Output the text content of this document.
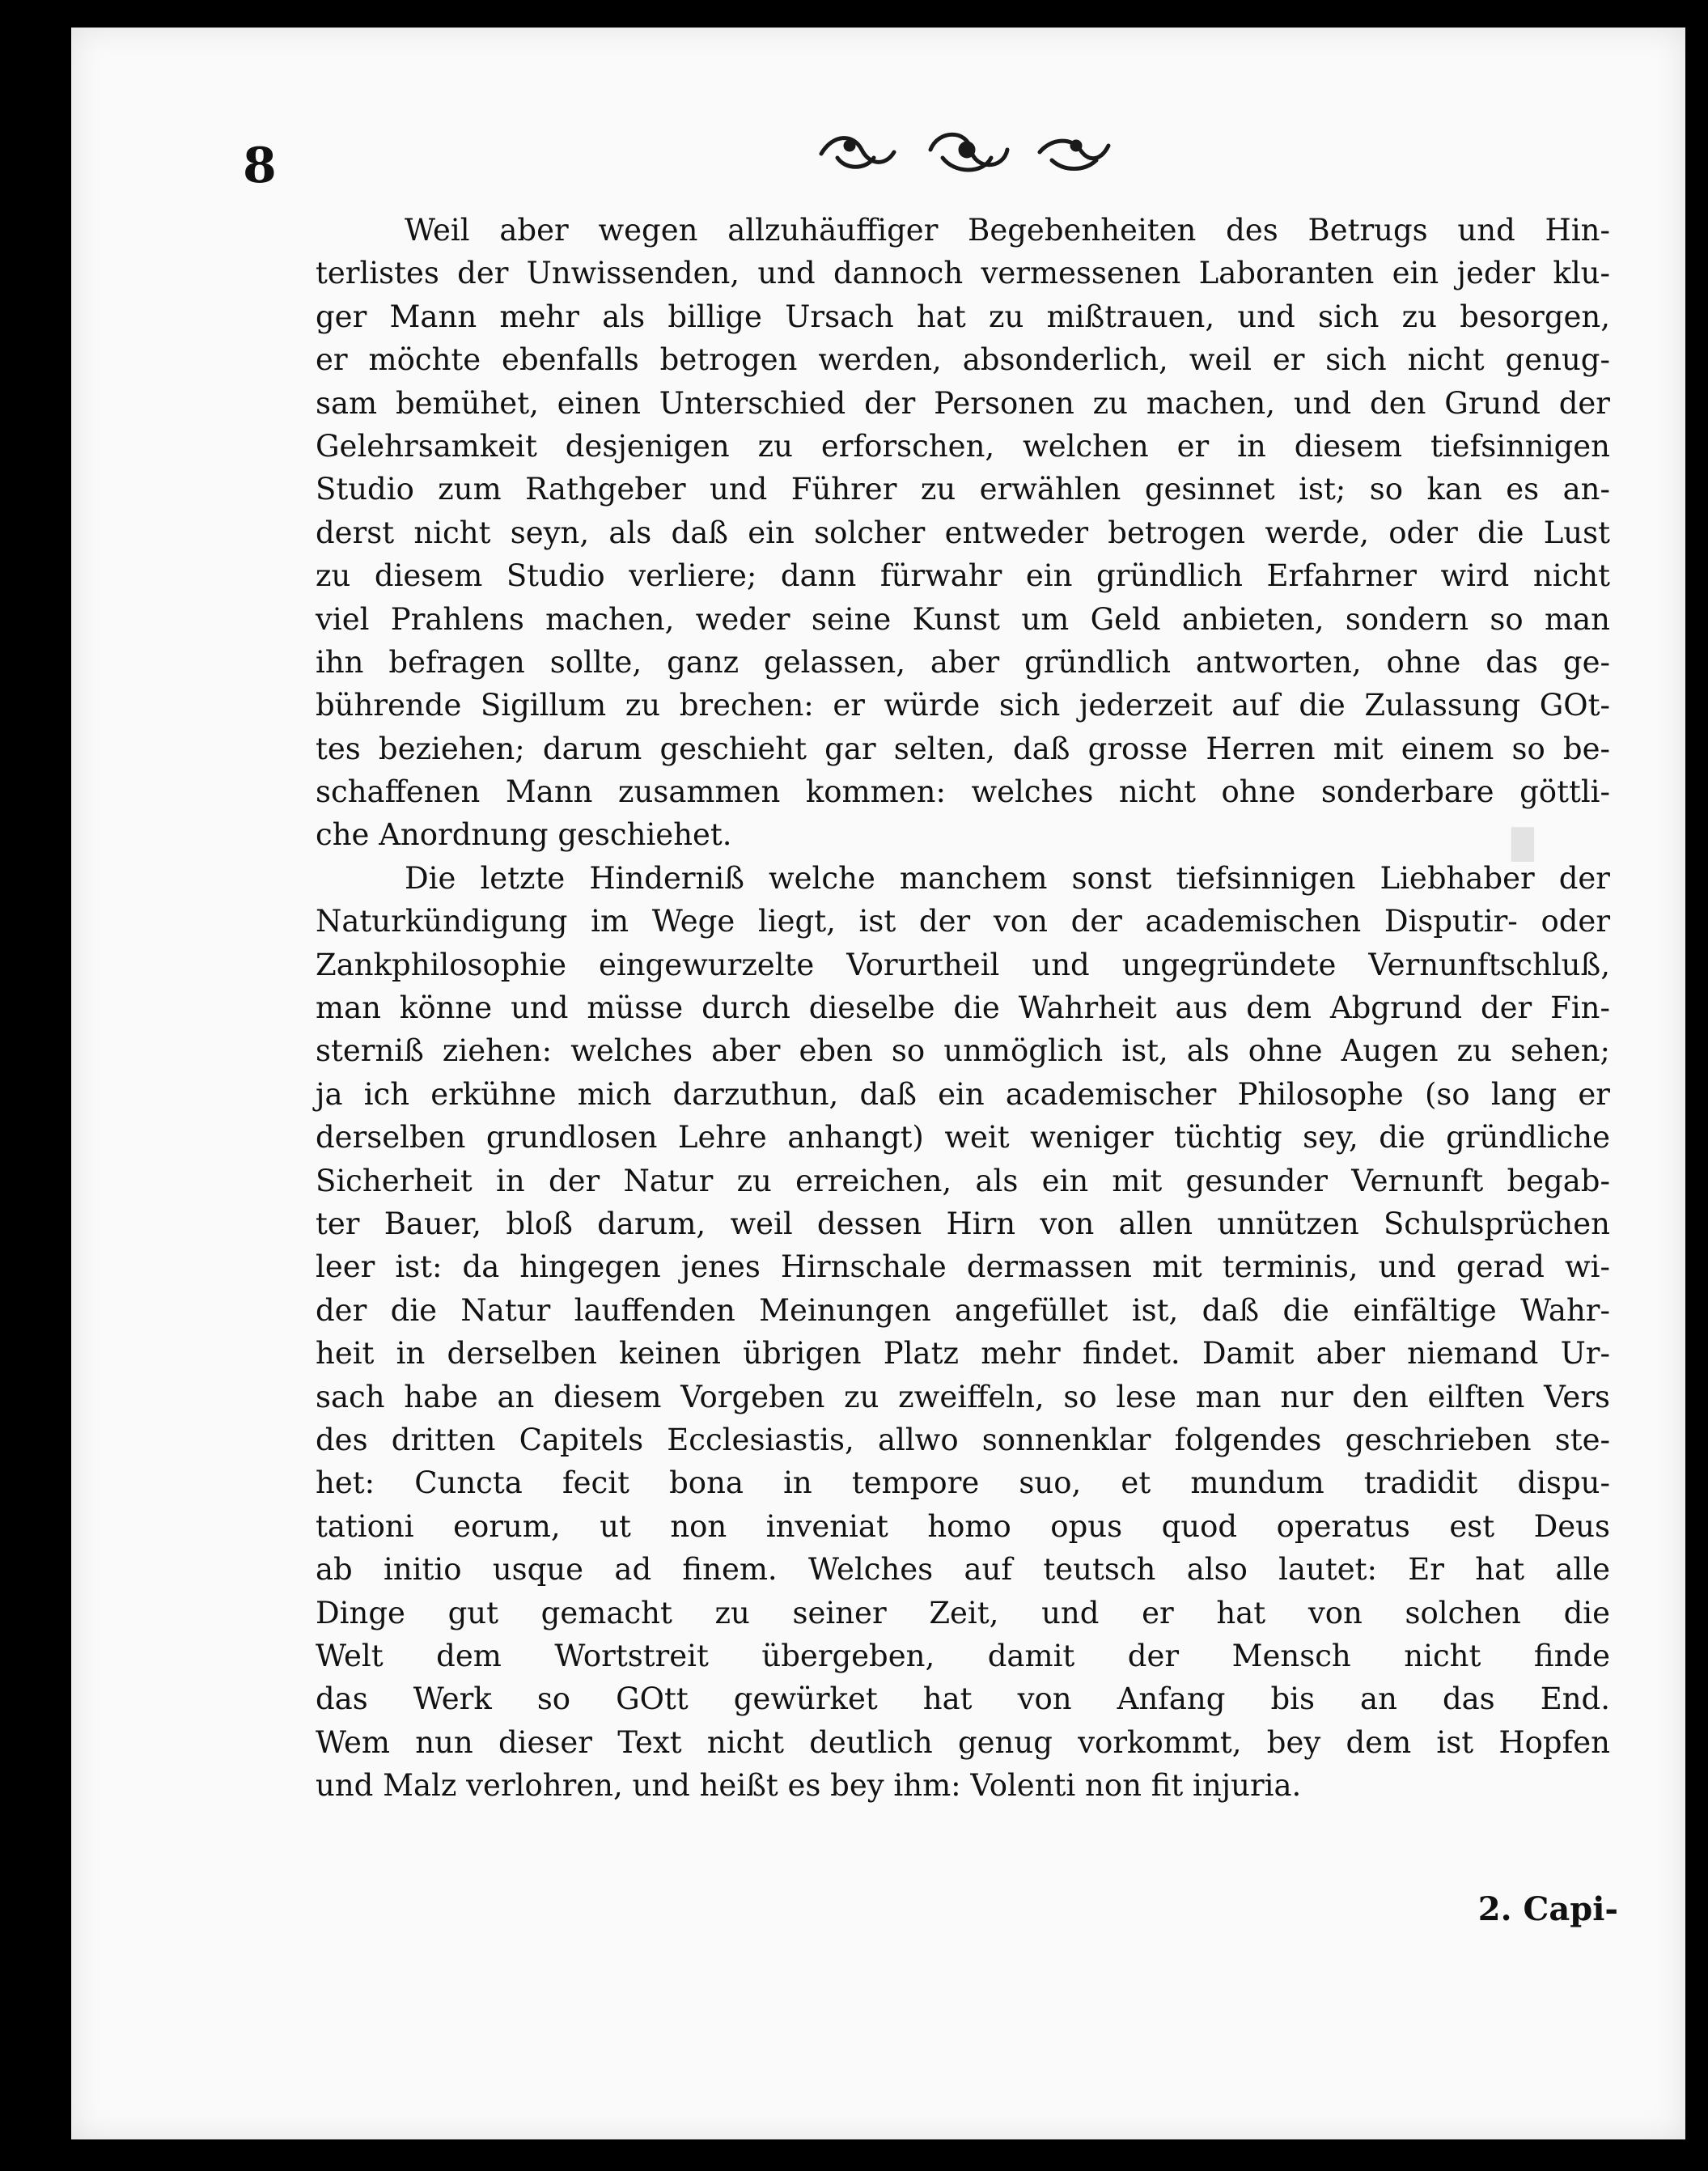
█
8
Weil aber wegen allzuhäuffiger Begebenheiten des Betrugs und Hin-
terlistes der Unwissenden, und dannoch vermessenen Laboranten ein jeder klu-
ger Mann mehr als billige Ursach hat zu mißtrauen, und sich zu besorgen,
er möchte ebenfalls betrogen werden, absonderlich, weil er sich nicht genug-
sam bemühet, einen Unterschied der Personen zu machen, und den Grund der
Gelehrsamkeit desjenigen zu erforschen, welchen er in diesem tiefsinnigen
Studio zum Rathgeber und Führer zu erwählen gesinnet ist; so kan es an-
derst nicht seyn, als daß ein solcher entweder betrogen werde, oder die Lust
zu diesem Studio verliere; dann fürwahr ein gründlich Erfahrner wird nicht
viel Prahlens machen, weder seine Kunst um Geld anbieten, sondern so man
ihn befragen sollte, ganz gelassen, aber gründlich antworten, ohne das ge-
bührende Sigillum zu brechen: er würde sich jederzeit auf die Zulassung GOt-
tes beziehen; darum geschieht gar selten, daß grosse Herren mit einem so be-
schaffenen Mann zusammen kommen: welches nicht ohne sonderbare göttli-
che Anordnung geschiehet.
Die letzte Hinderniß welche manchem sonst tiefsinnigen Liebhaber der
Naturkündigung im Wege liegt, ist der von der academischen Disputir- oder
Zankphilosophie eingewurzelte Vorurtheil und ungegründete Vernunftschluß,
man könne und müsse durch dieselbe die Wahrheit aus dem Abgrund der Fin-
sterniß ziehen: welches aber eben so unmöglich ist, als ohne Augen zu sehen;
ja ich erkühne mich darzuthun, daß ein academischer Philosophe (so lang er
derselben grundlosen Lehre anhangt) weit weniger tüchtig sey, die gründliche
Sicherheit in der Natur zu erreichen, als ein mit gesunder Vernunft begab-
ter Bauer, bloß darum, weil dessen Hirn von allen unnützen Schulsprüchen
leer ist: da hingegen jenes Hirnschale dermassen mit terminis, und gerad wi-
der die Natur lauffenden Meinungen angefüllet ist, daß die einfältige Wahr-
heit in derselben keinen übrigen Platz mehr findet. Damit aber niemand Ur-
sach habe an diesem Vorgeben zu zweiffeln, so lese man nur den eilften Vers
des dritten Capitels Ecclesiastis, allwo sonnenklar folgendes geschrieben ste-
het: Cuncta fecit bona in tempore suo, et mundum tradidit dispu-
tationi eorum, ut non inveniat homo opus quod operatus est Deus
ab initio usque ad finem. Welches auf teutsch also lautet: Er hat alle
Dinge gut gemacht zu seiner Zeit, und er hat von solchen die
Welt dem Wortstreit übergeben, damit der Mensch nicht finde
das Werk so GOtt gewürket hat von Anfang bis an das End.
Wem nun dieser Text nicht deutlich genug vorkommt, bey dem ist Hopfen
und Malz verlohren, und heißt es bey ihm: Volenti non fit injuria.
2. Capi-
